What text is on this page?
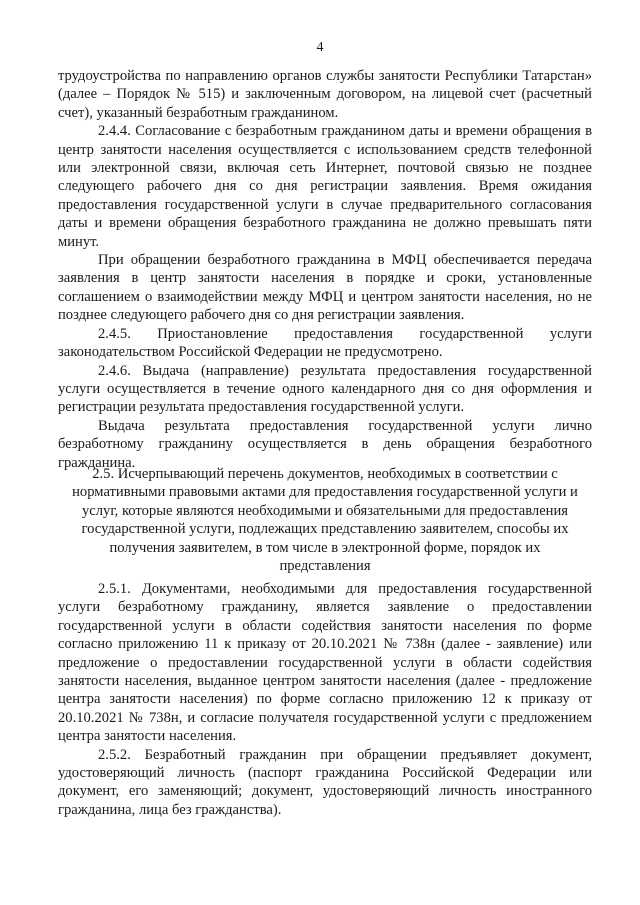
4

трудоустройства по направлению органов службы занятости Республики Татарстан» (далее – Порядок № 515) и заключенным договором, на лицевой счет (расчетный счет), указанный безработным гражданином.

2.4.4. Согласование с безработным гражданином даты и времени обращения в центр занятости населения осуществляется с использованием средств телефонной или электронной связи, включая сеть Интернет, почтовой связью не позднее следующего рабочего дня со дня регистрации заявления. Время ожидания предоставления государственной услуги в случае предварительного согласования даты и времени обращения безработного гражданина не должно превышать пяти минут.

При обращении безработного гражданина в МФЦ обеспечивается передача заявления в центр занятости населения в порядке и сроки, установленные соглашением о взаимодействии между МФЦ и центром занятости населения, но не позднее следующего рабочего дня со дня регистрации заявления.

2.4.5. Приостановление предоставления государственной услуги законодательством Российской Федерации не предусмотрено.

2.4.6. Выдача (направление) результата предоставления государственной услуги осуществляется в течение одного календарного дня со дня оформления и регистрации результата предоставления государственной услуги.

Выдача результата предоставления государственной услуги лично безработному гражданину осуществляется в день обращения безработного гражданина.

2.5. Исчерпывающий перечень документов, необходимых в соответствии с нормативными правовыми актами для предоставления государственной услуги и услуг, которые являются необходимыми и обязательными для предоставления государственной услуги, подлежащих представлению заявителем, способы их получения заявителем, в том числе в электронной форме, порядок их представления

2.5.1. Документами, необходимыми для предоставления государственной услуги безработному гражданину, является заявление о предоставлении государственной услуги в области содействия занятости населения по форме согласно приложению 11 к приказу от 20.10.2021 № 738н (далее - заявление) или предложение о предоставлении государственной услуги в области содействия занятости населения, выданное центром занятости населения (далее - предложение центра занятости населения) по форме согласно приложению 12 к приказу от 20.10.2021 № 738н, и согласие получателя государственной услуги с предложением центра занятости населения.

2.5.2. Безработный гражданин при обращении предъявляет документ, удостоверяющий личность (паспорт гражданина Российской Федерации или документ, его заменяющий; документ, удостоверяющий личность иностранного гражданина, лица без гражданства).
